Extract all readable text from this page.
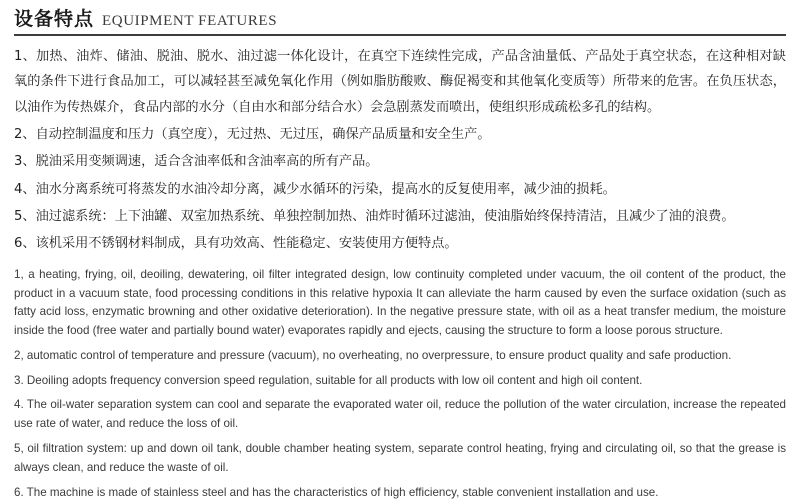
设备特点 EQUIPMENT FEATURES

1、加热、油炸、储油、脱油、脱水、油过滤一体化设计，在真空下连续性完成，产品含油量低、产品处于真空状态，在这种相对缺氧的条件下进行食品加工，可以减轻甚至减免氧化作用（例如脂肪酸败、酶促褐变和其他氧化变质等）所带来的危害。在负压状态，以油作为传热媒介，食品内部的水分（自由水和部分结合水）会急剧蒸发而喷出，使组织形成疏松多孔的结构。

2、自动控制温度和压力（真空度），无过热、无过压，确保产品质量和安全生产。

3、脱油采用变频调速，适合含油率低和含油率高的所有产品。

4、油水分离系统可将蒸发的水油冷却分离，减少水循环的污染，提高水的反复使用率，减少油的损耗。

5、油过滤系统：上下油罐、双室加热系统、单独控制加热、油炸时循环过滤油，使油脂始终保持清洁，且减少了油的浪费。

6、该机采用不锈钢材料制成，具有功效高、性能稳定、安装使用方便特点。

1, a heating, frying, oil, deoiling, dewatering, oil filter integrated design, low continuity completed under vacuum, the oil content of the product, the product in a vacuum state, food processing conditions in this relative hypoxia It can alleviate the harm caused by even the surface oxidation (such as fatty acid loss, enzymatic browning and other oxidative deterioration). In the negative pressure state, with oil as a heat transfer medium, the moisture inside the food (free water and partially bound water) evaporates rapidly and ejects, causing the structure to form a loose porous structure.

2, automatic control of temperature and pressure (vacuum), no overheating, no overpressure, to ensure product quality and safe production.

3. Deoiling adopts frequency conversion speed regulation, suitable for all products with low oil content and high oil content.

4. The oil-water separation system can cool and separate the evaporated water oil, reduce the pollution of the water circulation, increase the repeated use rate of water, and reduce the loss of oil.

5, oil filtration system: up and down oil tank, double chamber heating system, separate control heating, frying and circulating oil, so that the grease is always clean, and reduce the waste of oil.

6. The machine is made of stainless steel and has the characteristics of high efficiency, stable convenient installation and use.
